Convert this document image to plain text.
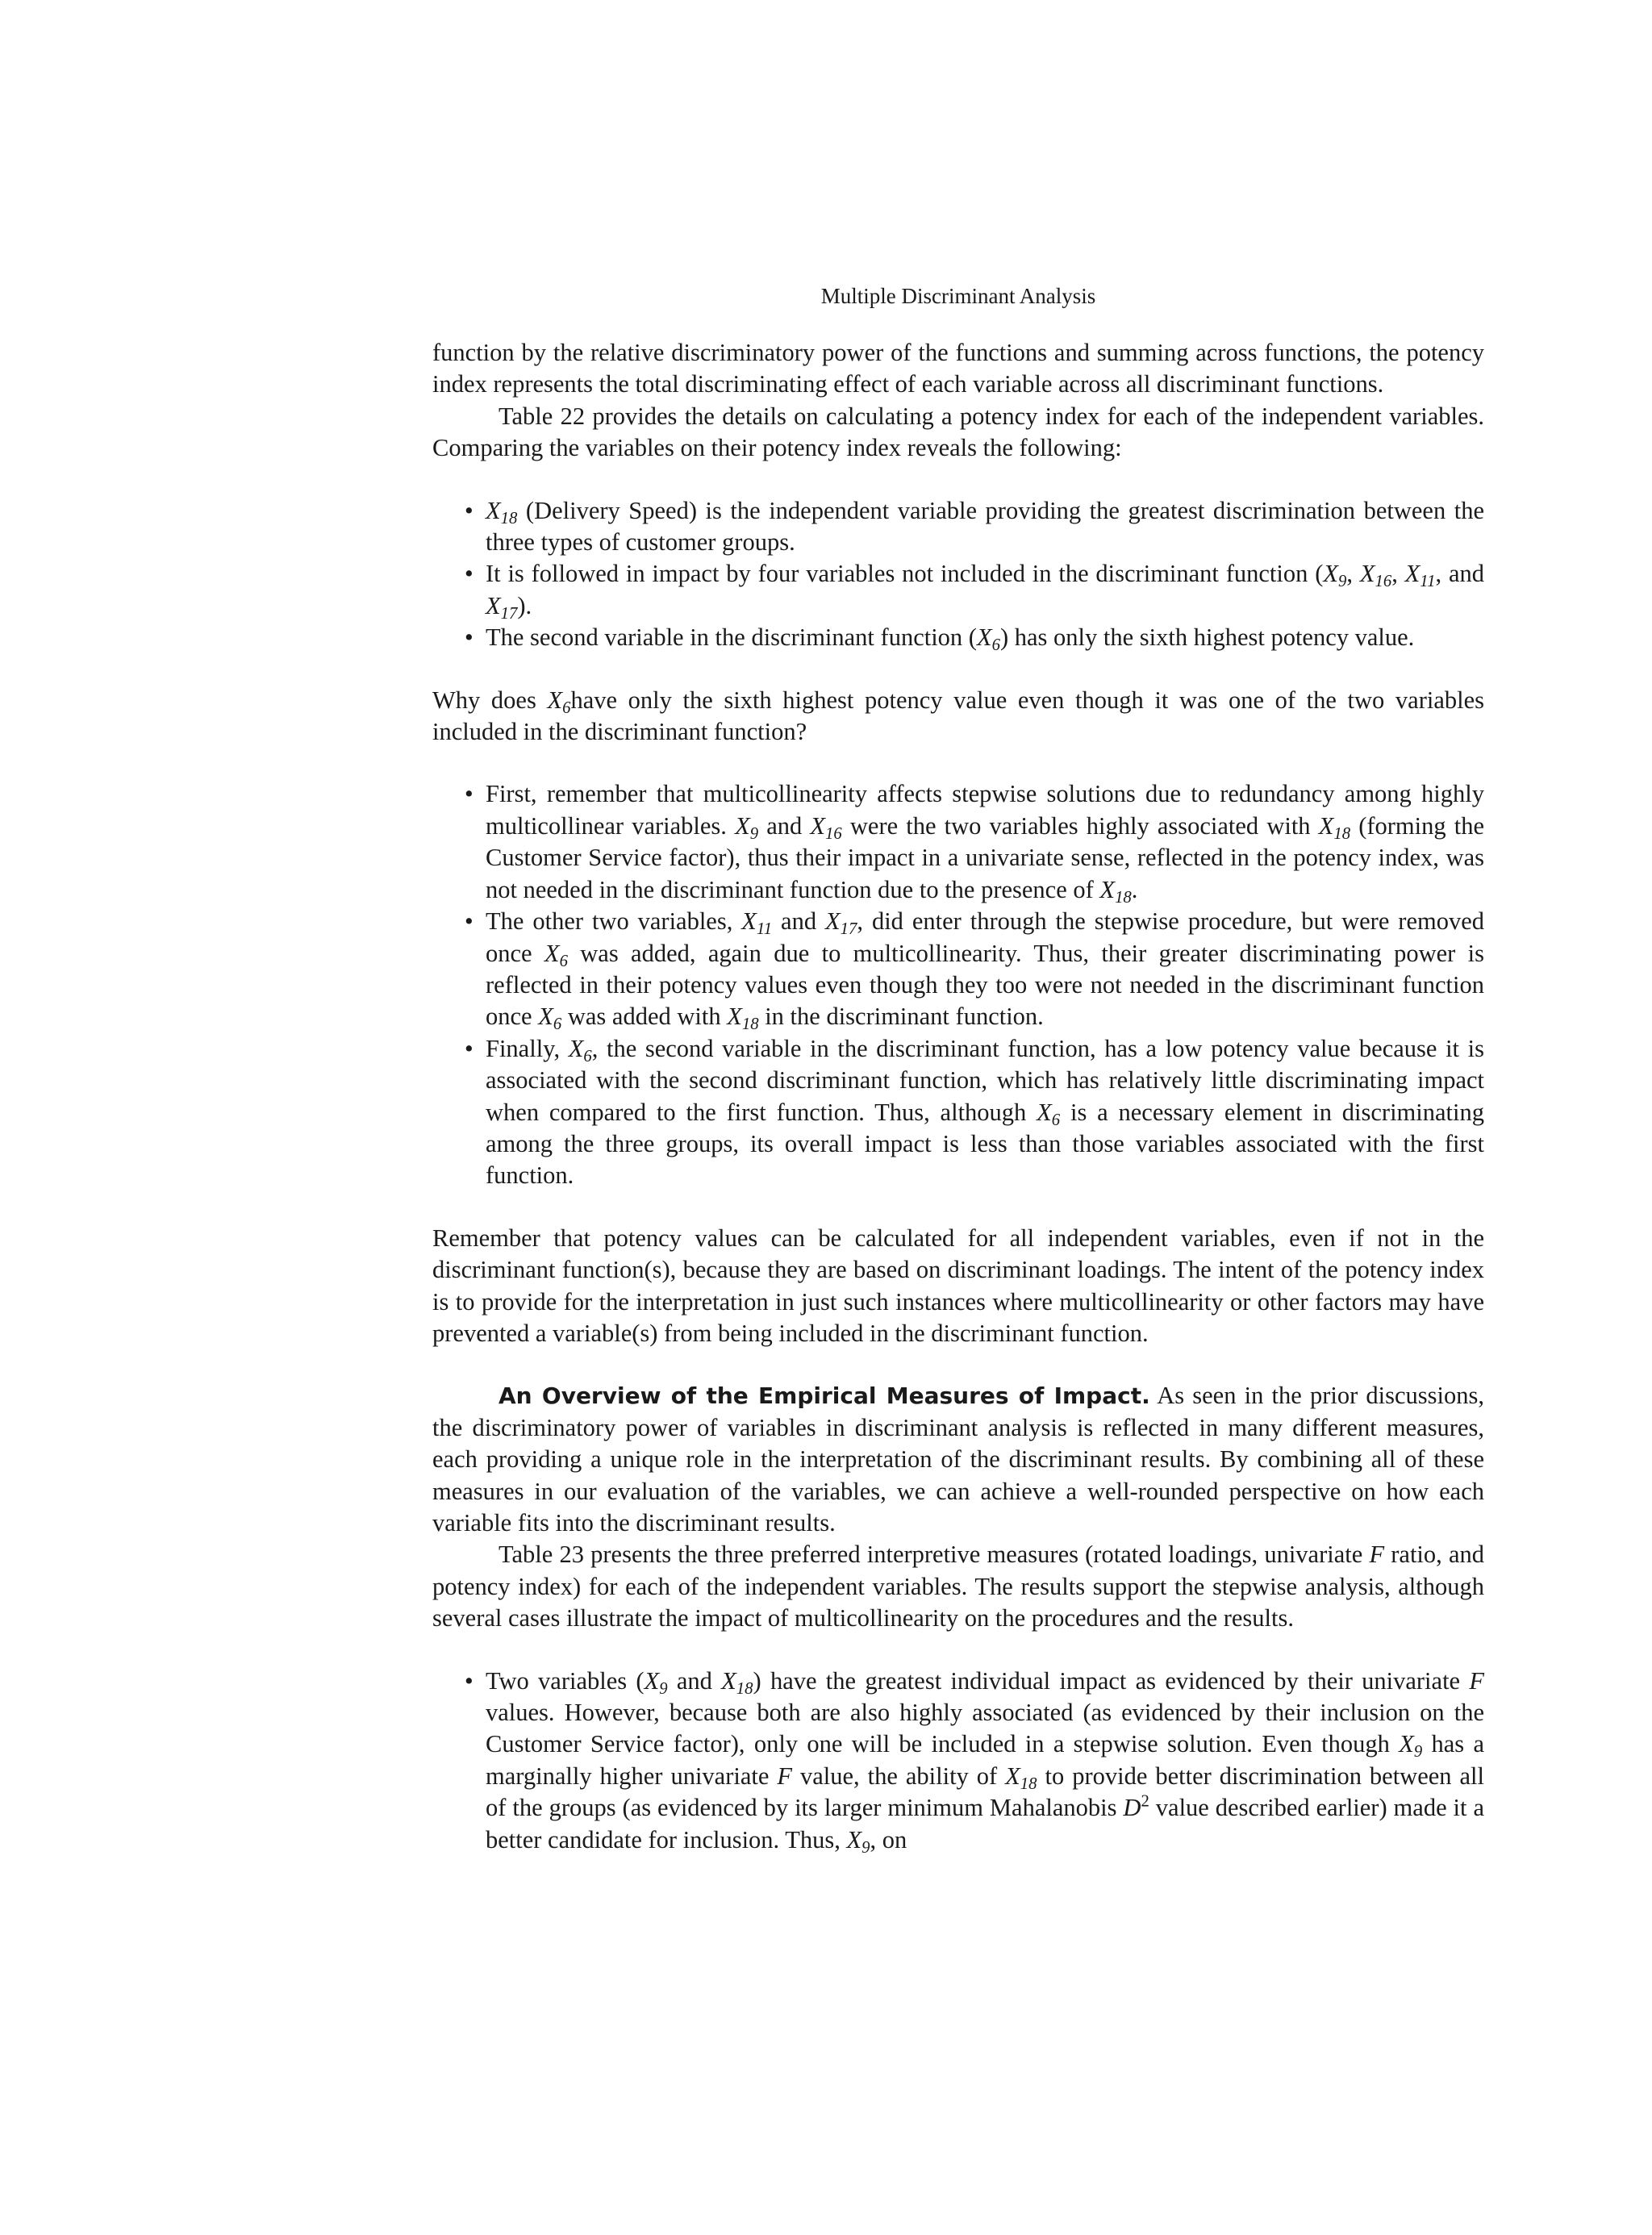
Multiple Discriminant Analysis

function by the relative discriminatory power of the functions and summing across functions, the potency index represents the total discriminating effect of each variable across all discriminant functions.

Table 22 provides the details on calculating a potency index for each of the independent variables. Comparing the variables on their potency index reveals the following:

• $X_{18}$ (Delivery Speed) is the independent variable providing the greatest discrimination between the three types of customer groups.
• It is followed in impact by four variables not included in the discriminant function ($X_9$, $X_{16}$, $X_{11}$, and $X_{17}$).
• The second variable in the discriminant function $(X_6)$ has only the sixth highest potency value.

Why does $X_6have$ only the sixth highest potency value even though it was one of the two variables included in the discriminant function?

• First, remember that multicollinearity affects stepwise solutions due to redundancy among highly multicollinear variables. $X_9$ and $X_{16}$ were the two variables highly associated with $X_{18}$ (forming the Customer Service factor), thus their impact in a univariate sense, reflected in the potency index, was not needed in the discriminant function due to the presence of $X_{18}$.
• The other two variables, $X_{11}$ and $X_{17}$, did enter through the stepwise procedure, but were removed once $X_6$ was added, again due to multicollinearity. Thus, their greater discriminating power is reflected in their potency values even though they too were not needed in the discriminant function once $X_6$ was added with $X_{18}$ in the discriminant function.
• Finally, $X_6$, the second variable in the discriminant function, has a low potency value because it is associated with the second discriminant function, which has relatively little discriminating impact when compared to the first function. Thus, although $X_6$ is a necessary element in discriminating among the three groups, its overall impact is less than those variables associated with the first function.

Remember that potency values can be calculated for all independent variables, even if not in the discriminant function(s), because they are based on discriminant loadings. The intent of the potency index is to provide for the interpretation in just such instances where multicollinearity or other factors may have prevented a variable(s) from being included in the discriminant function.

An Overview of the Empirical Measures of Impact. As seen in the prior discussions, the discriminatory power of variables in discriminant analysis is reflected in many different measures, each providing a unique role in the interpretation of the discriminant results. By combining all of these measures in our evaluation of the variables, we can achieve a well-rounded perspective on how each variable fits into the discriminant results.

Table 23 presents the three preferred interpretive measures (rotated loadings, univariate F ratio, and potency index) for each of the independent variables. The results support the stepwise analysis, although several cases illustrate the impact of multicollinearity on the procedures and the results.

• Two variables ($X_9$ and $X_{18}$) have the greatest individual impact as evidenced by their univariate F values. However, because both are also highly associated (as evidenced by their inclusion on the Customer Service factor), only one will be included in a stepwise solution. Even though $X_9$ has a marginally higher univariate F value, the ability of $X_{18}$ to provide better discrimination between all of the groups (as evidenced by its larger minimum Mahalanobis $D^2$ value described earlier) made it a better candidate for inclusion. Thus, $X_9$, on
